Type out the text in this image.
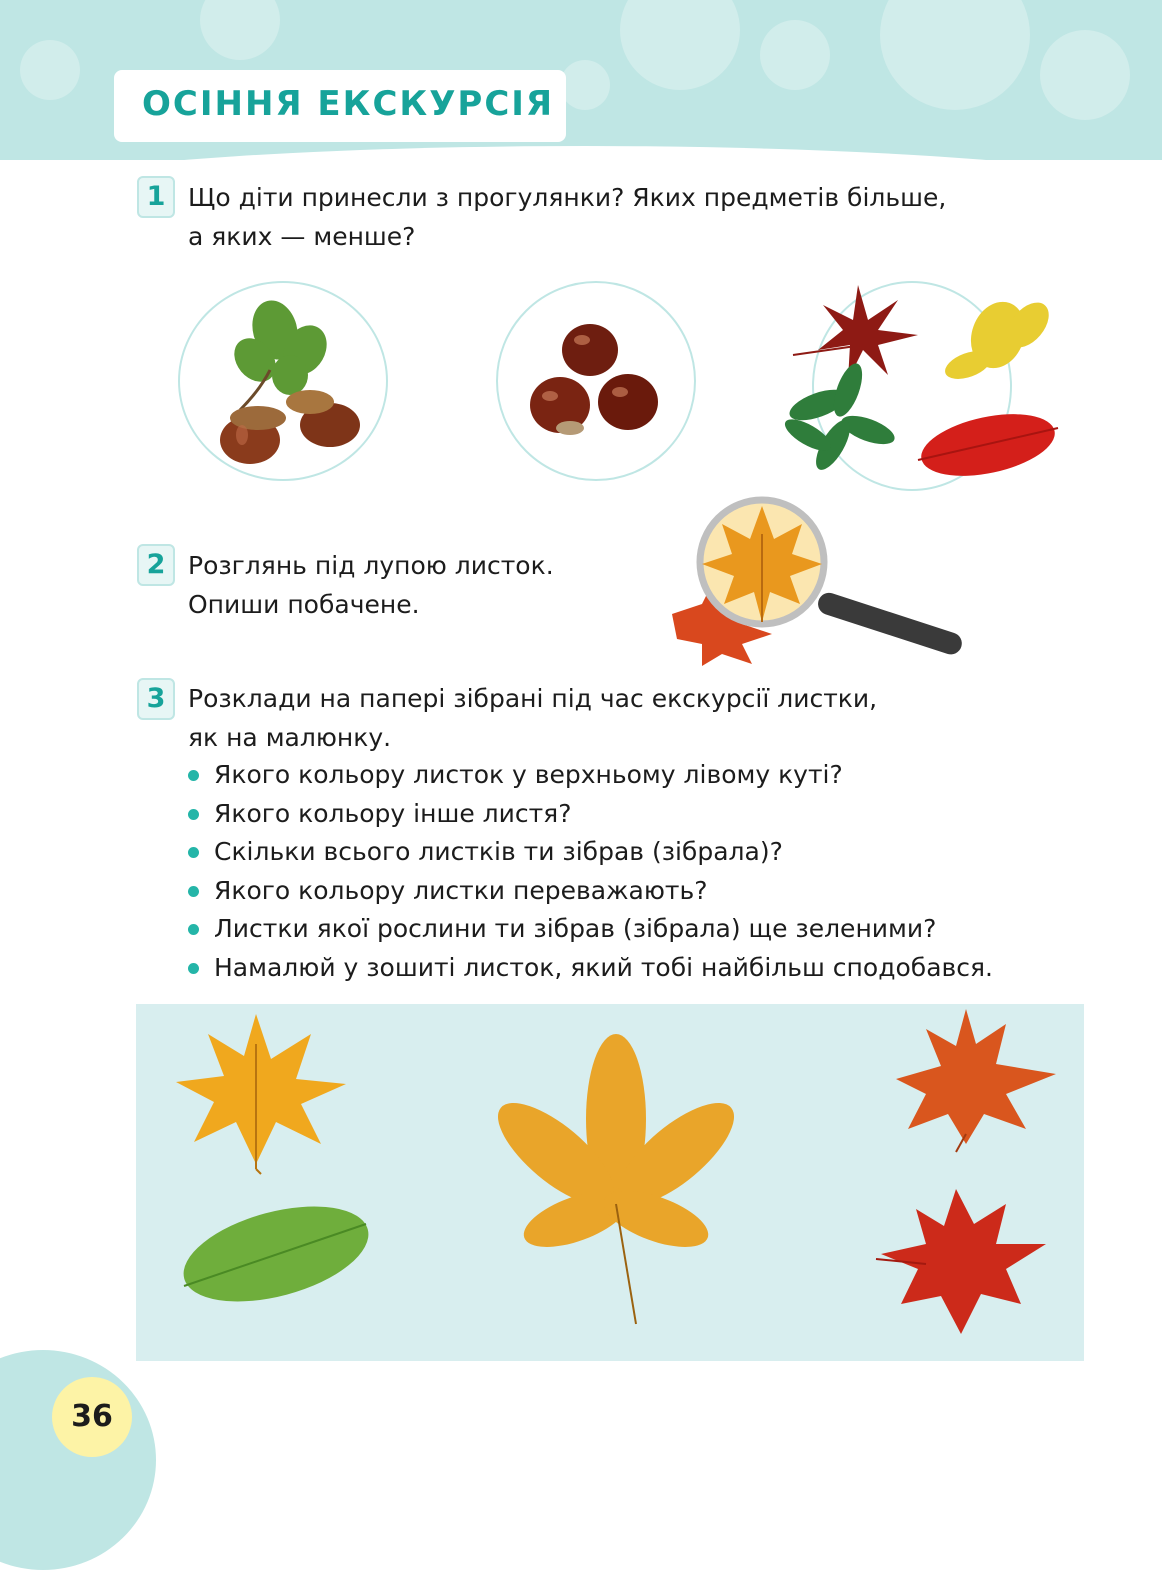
ОСІННЯ ЕКСКУРСІЯ
1 Що діти принесли з прогулянки? Яких предметів більше,
а яких — менше?
2 Розглянь під лупою листок.
Опиши побачене.
3 Розклади на папері зібрані під час екскурсії листки,
як на малюнку.
Якого кольору листок у верхньому лівому куті?
Якого кольору інше листя?
Скільки всього листків ти зібрав (зібрала)?
Якого кольору листки переважають?
Листки якої рослини ти зібрав (зібрала) ще зеленими?
Намалюй у зошиті листок, який тобі найбільш сподобався.
36
